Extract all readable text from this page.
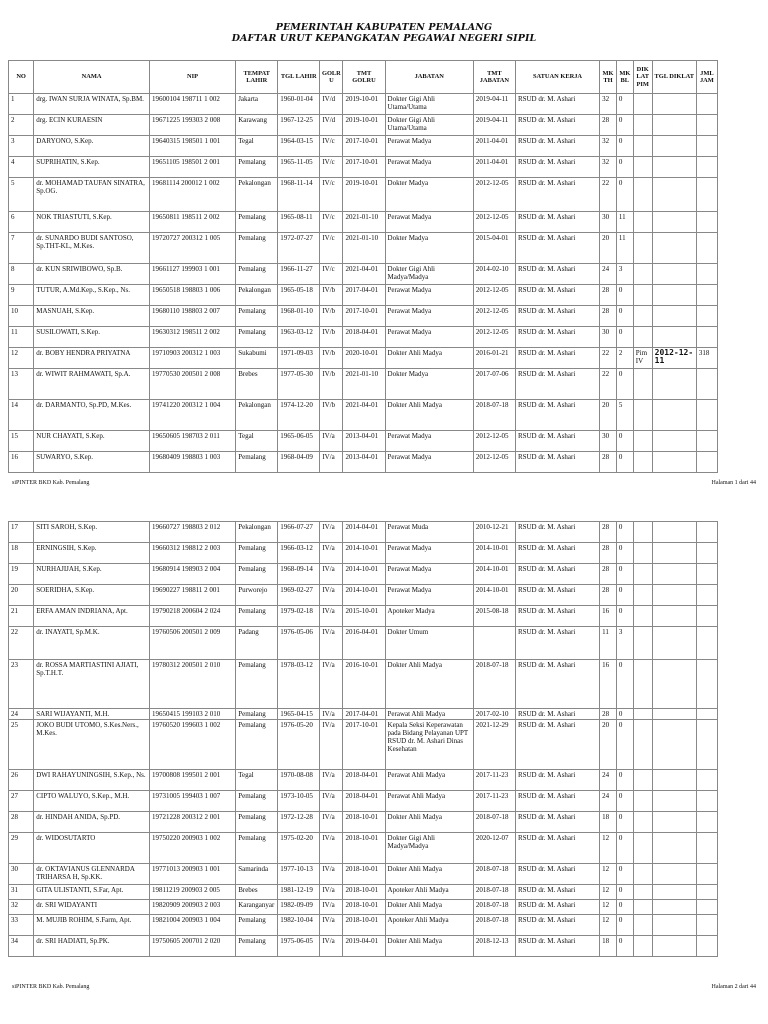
PEMERINTAH KABUPATEN PEMALANG
DAFTAR URUT KEPANGKATAN PEGAWAI NEGERI SIPIL
NO	NAMA	NIP	TEMPAT LAHIR	TGL LAHIR	GOLR U	TMT GOLRU	JABATAN	TMT JABATAN	SATUAN KERJA	MK TH	MK BL	DIK LAT PIM	TGL DIKLAT	JML JAM
1	drg. IWAN SURJA WINATA, Sp.BM.	19600104 198711 1 002	Jakarta	1960-01-04	IV/d	2019-10-01	Dokter Gigi Ahli Utama/Utama	2019-04-11	RSUD dr. M. Ashari	32	0			
2	drg. ECIN KURAESIN	19671225 199303 2 008	Karawang	1967-12-25	IV/d	2019-10-01	Dokter Gigi Ahli Utama/Utama	2019-04-11	RSUD dr. M. Ashari	28	0			
3	DARYONO, S.Kep.	19640315 198501 1 001	Tegal	1964-03-15	IV/c	2017-10-01	Perawat Madya	2011-04-01	RSUD dr. M. Ashari	32	0			
4	SUPRIHATIN, S.Kep.	19651105 198501 2 001	Pemalang	1965-11-05	IV/c	2017-10-01	Perawat Madya	2011-04-01	RSUD dr. M. Ashari	32	0			
5	dr. MOHAMAD TAUFAN SINATRA, Sp.OG.	19681114 200012 1 002	Pekalongan	1968-11-14	IV/c	2019-10-01	Dokter Madya	2012-12-05	RSUD dr. M. Ashari	22	0			
6	NOK TRIASTUTI, S.Kep.	19650811 198511 2 002	Pemalang	1965-08-11	IV/c	2021-01-10	Perawat Madya	2012-12-05	RSUD dr. M. Ashari	30	11			
7	dr. SUNARDO BUDI SANTOSO, Sp.THT-KL, M.Kes.	19720727 200312 1 005	Pemalang	1972-07-27	IV/c	2021-01-10	Dokter Madya	2015-04-01	RSUD dr. M. Ashari	20	11			
8	dr. KUN SRIWIBOWO, Sp.B.	19661127 199903 1 001	Pemalang	1966-11-27	IV/c	2021-04-01	Dokter Gigi Ahli Madya/Madya	2014-02-10	RSUD dr. M. Ashari	24	3			
9	TUTUR, A.Md.Kep., S.Kep., Ns.	19650518 198803 1 006	Pekalongan	1965-05-18	IV/b	2017-04-01	Perawat Madya	2012-12-05	RSUD dr. M. Ashari	28	0			
10	MASNUAH, S.Kep.	19680110 198803 2 007	Pemalang	1968-01-10	IV/b	2017-10-01	Perawat Madya	2012-12-05	RSUD dr. M. Ashari	28	0			
11	SUSILOWATI, S.Kep.	19630312 198511 2 002	Pemalang	1963-03-12	IV/b	2018-04-01	Perawat Madya	2012-12-05	RSUD dr. M. Ashari	30	0			
12	dr. BOBY HENDRA PRIYATNA	19710903 200312 1 003	Sukabumi	1971-09-03	IV/b	2020-10-01	Dokter Ahli Madya	2016-01-21	RSUD dr. M. Ashari	22	2	Pim IV	2012-12-11	318
13	dr. WIWIT RAHMAWATI, Sp.A.	19770530 200501 2 008	Brebes	1977-05-30	IV/b	2021-01-10	Dokter Madya	2017-07-06	RSUD dr. M. Ashari	22	0			
14	dr. DARMANTO, Sp.PD, M.Kes.	19741220 200312 1 004	Pekalongan	1974-12-20	IV/b	2021-04-01	Dokter Ahli Madya	2018-07-18	RSUD dr. M. Ashari	20	5			
15	NUR CHAYATI, S.Kep.	19650605 198703 2 011	Tegal	1965-06-05	IV/a	2013-04-01	Perawat Madya	2012-12-05	RSUD dr. M. Ashari	30	0			
16	SUWARYO, S.Kep.	19680409 198803 1 003	Pemalang	1968-04-09	IV/a	2013-04-01	Perawat Madya	2012-12-05	RSUD dr. M. Ashari	28	0			
siPINTER BKD Kab. Pemalang	Halaman 1 dari 44
17	SITI SAROH, S.Kep.	19660727 198803 2 012	Pekalongan	1966-07-27	IV/a	2014-04-01	Perawat Muda	2010-12-21	RSUD dr. M. Ashari	28	0			
18	ERNINGSIH, S.Kep.	19660312 198812 2 003	Pemalang	1966-03-12	IV/a	2014-10-01	Perawat Madya	2014-10-01	RSUD dr. M. Ashari	28	0			
19	NURHAJIJAH, S.Kep.	19680914 198903 2 004	Pemalang	1968-09-14	IV/a	2014-10-01	Perawat Madya	2014-10-01	RSUD dr. M. Ashari	28	0			
20	SOERIDHA, S.Kep.	19690227 198811 2 001	Purworejo	1969-02-27	IV/a	2014-10-01	Perawat Madya	2014-10-01	RSUD dr. M. Ashari	28	0			
21	ERFA AMAN INDRIANA, Apt.	19790218 200604 2 024	Pemalang	1979-02-18	IV/a	2015-10-01	Apoteker Madya	2015-08-18	RSUD dr. M. Ashari	16	0			
22	dr. INAYATI, Sp.M.K.	19760506 200501 2 009	Padang	1976-05-06	IV/a	2016-04-01	Dokter Umum		RSUD dr. M. Ashari	11	3			
23	dr. ROSSA MARTIASTINI AJIATI, Sp.T.H.T.	19780312 200501 2 010	Pemalang	1978-03-12	IV/a	2016-10-01	Dokter Ahli Madya	2018-07-18	RSUD dr. M. Ashari	16	0			
24	SARI WIJAYANTI, M.H.	19650415 199103 2 010	Pemalang	1965-04-15	IV/a	2017-04-01	Perawat Ahli Madya	2017-02-10	RSUD dr. M. Ashari	28	0			
25	JOKO BUDI UTOMO, S.Kes.Ners., M.Kes.	19760520 199603 1 002	Pemalang	1976-05-20	IV/a	2017-10-01	Kepala Seksi Keperawatan pada Bidang Pelayanan UPT RSUD dr. M. Ashari Dinas Kesehatan	2021-12-29	RSUD dr. M. Ashari	20	0			
26	DWI RAHAYUNINGSIH, S.Kep., Ns.	19700808 199501 2 001	Tegal	1970-08-08	IV/a	2018-04-01	Perawat Ahli Madya	2017-11-23	RSUD dr. M. Ashari	24	0			
27	CIPTO WALUYO, S.Kep., M.H.	19731005 199403 1 007	Pemalang	1973-10-05	IV/a	2018-04-01	Perawat Ahli Madya	2017-11-23	RSUD dr. M. Ashari	24	0			
28	dr. HINDAH ANIDA, Sp.PD.	19721228 200312 2 001	Pemalang	1972-12-28	IV/a	2018-10-01	Dokter Ahli Madya	2018-07-18	RSUD dr. M. Ashari	18	0			
29	dr. WIDOSUTARTO	19750220 200903 1 002	Pemalang	1975-02-20	IV/a	2018-10-01	Dokter Gigi Ahli Madya/Madya	2020-12-07	RSUD dr. M. Ashari	12	0			
30	dr. OKTAVIANUS GLENNARDA TRIHARSA H, Sp.KK.	19771013 200903 1 001	Samarinda	1977-10-13	IV/a	2018-10-01	Dokter Ahli Madya	2018-07-18	RSUD dr. M. Ashari	12	0			
31	GITA ULISTANTI, S.Far, Apt.	19811219 200903 2 005	Brebes	1981-12-19	IV/a	2018-10-01	Apoteker Ahli Madya	2018-07-18	RSUD dr. M. Ashari	12	0			
32	dr. SRI WIDAYANTI	19820909 200903 2 003	Karanganyar	1982-09-09	IV/a	2018-10-01	Dokter Ahli Madya	2018-07-18	RSUD dr. M. Ashari	12	0			
33	M. MUJIB ROHIM, S.Farm, Apt.	19821004 200903 1 004	Pemalang	1982-10-04	IV/a	2018-10-01	Apoteker Ahli Madya	2018-07-18	RSUD dr. M. Ashari	12	0			
34	dr. SRI HADIATI, Sp.PK.	19750605 200701 2 020	Pemalang	1975-06-05	IV/a	2019-04-01	Dokter Ahli Madya	2018-12-13	RSUD dr. M. Ashari	18	0			
siPINTER BKD Kab. Pemalang	Halaman 2 dari 44
